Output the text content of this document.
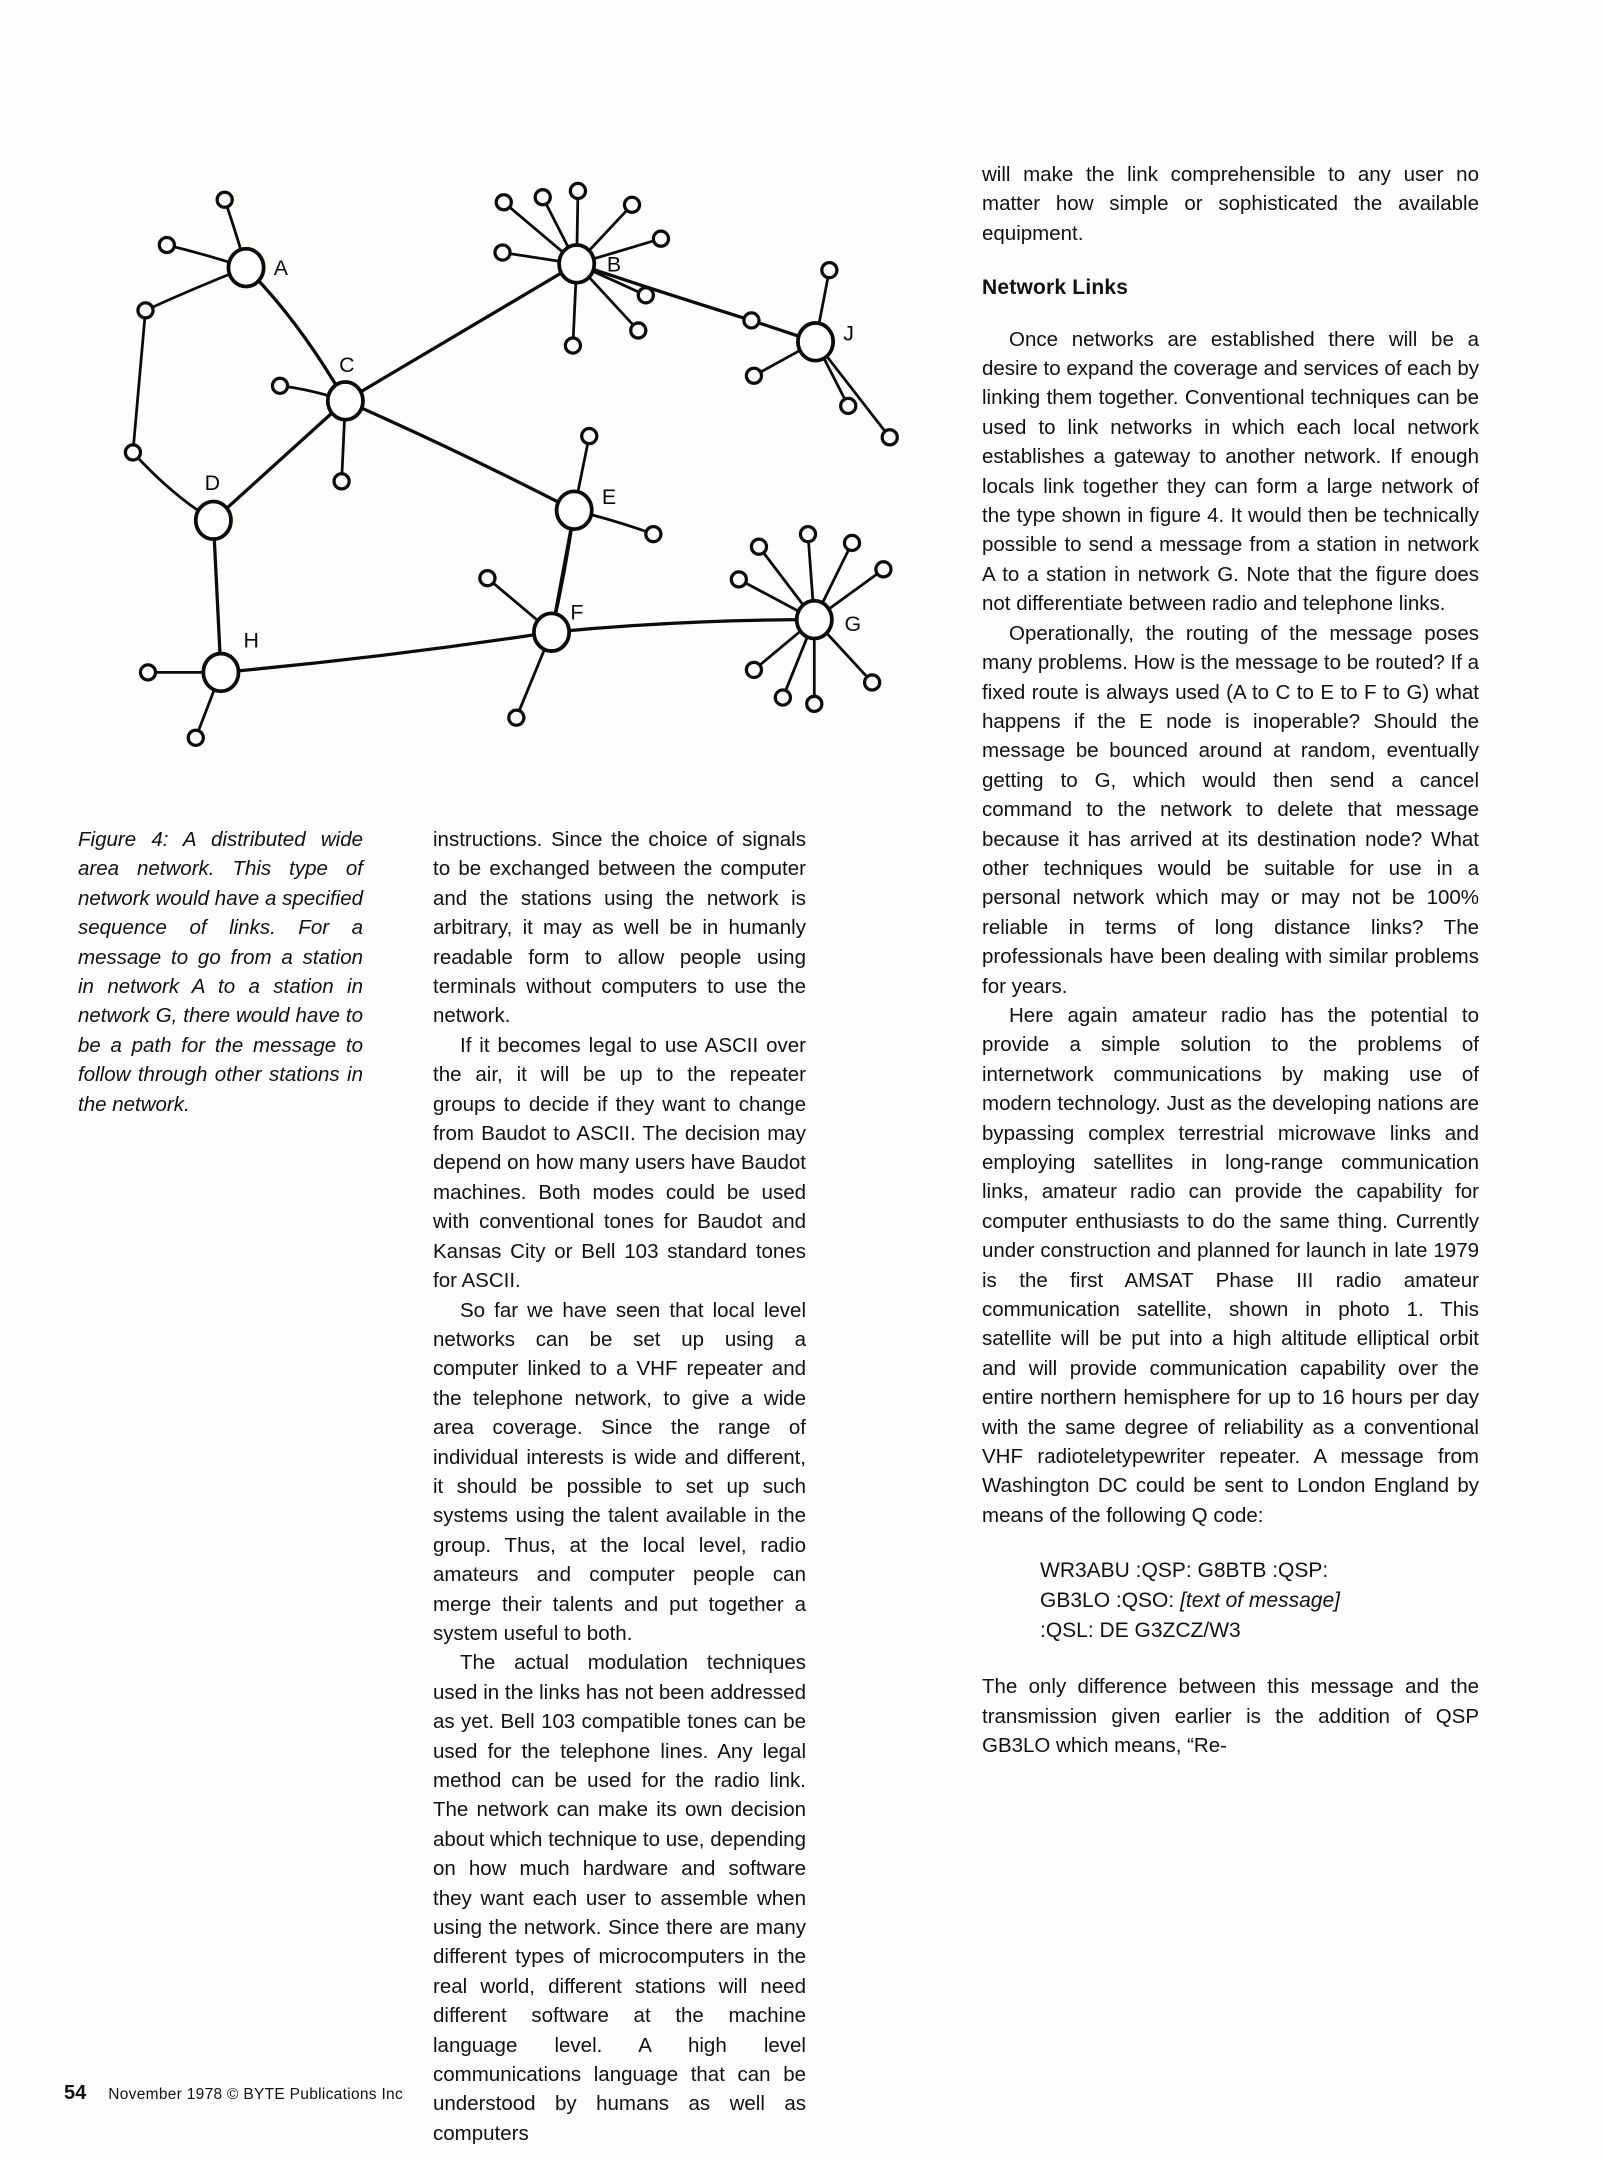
A	B
C
D
E
F	G
H
J

Figure 4: A distributed wide area network. This type of network would have a specified sequence of links. For a message to go from a station in network A to a station in network G, there would have to be a path for the message to follow through other stations in the network.

instructions. Since the choice of signals to be exchanged between the computer and the stations using the network is arbitrary, it may as well be in humanly readable form to allow people using terminals without computers to use the network.

If it becomes legal to use ASCII over the air, it will be up to the repeater groups to decide if they want to change from Baudot to ASCII. The decision may depend on how many users have Baudot machines. Both modes could be used with conventional tones for Baudot and Kansas City or Bell 103 standard tones for ASCII.

So far we have seen that local level networks can be set up using a computer linked to a VHF repeater and the telephone network, to give a wide area coverage. Since the range of individual interests is wide and different, it should be possible to set up such systems using the talent available in the group. Thus, at the local level, radio amateurs and computer people can merge their talents and put together a system useful to both.

The actual modulation techniques used in the links has not been addressed as yet. Bell 103 compatible tones can be used for the telephone lines. Any legal method can be used for the radio link. The network can make its own decision about which technique to use, depending on how much hardware and software they want each user to assemble when using the network. Since there are many different types of microcomputers in the real world, different stations will need different software at the machine language level. A high level communications language that can be understood by humans as well as computers

will make the link comprehensible to any user no matter how simple or sophisticated the available equipment.

Network Links

Once networks are established there will be a desire to expand the coverage and services of each by linking them together. Conventional techniques can be used to link networks in which each local network establishes a gateway to another network. If enough locals link together they can form a large network of the type shown in figure 4. It would then be technically possible to send a message from a station in network A to a station in network G. Note that the figure does not differentiate between radio and telephone links.

Operationally, the routing of the message poses many problems. How is the message to be routed? If a fixed route is always used (A to C to E to F to G) what happens if the E node is inoperable? Should the message be bounced around at random, eventually getting to G, which would then send a cancel command to the network to delete that message because it has arrived at its destination node? What other techniques would be suitable for use in a personal network which may or may not be 100% reliable in terms of long distance links? The professionals have been dealing with similar problems for years.

Here again amateur radio has the potential to provide a simple solution to the problems of internetwork communications by making use of modern technology. Just as the developing nations are bypassing complex terrestrial microwave links and employing satellites in long-range communication links, amateur radio can provide the capability for computer enthusiasts to do the same thing. Currently under construction and planned for launch in late 1979 is the first AMSAT Phase III radio amateur communication satellite, shown in photo 1. This satellite will be put into a high altitude elliptical orbit and will provide communication capability over the entire northern hemisphere for up to 16 hours per day with the same degree of reliability as a conventional VHF radioteletypewriter repeater. A message from Washington DC could be sent to London England by means of the following Q code:

WR3ABU :QSP: G8BTB :QSP:
GB3LO :QSO: [text of message]
:QSL: DE G3ZCZ/W3

The only difference between this message and the transmission given earlier is the addition of QSP GB3LO which means, “Re-

54 November 1978 © BYTE Publications Inc
